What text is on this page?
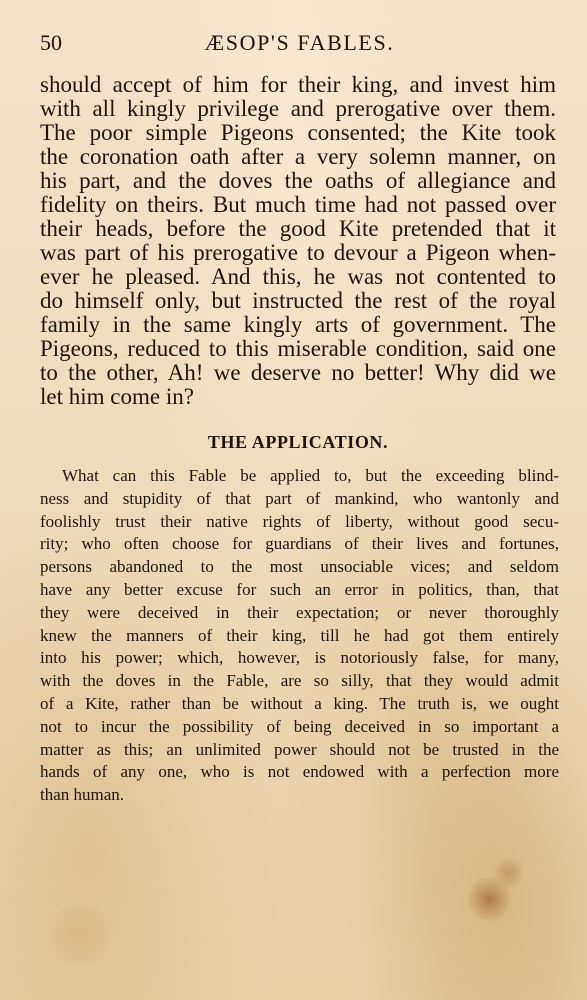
50	ÆSOP'S FABLES.
should accept of him for their king, and invest him
with all kingly privilege and prerogative over them.
The poor simple Pigeons consented; the Kite took
the coronation oath after a very solemn manner, on
his part, and the doves the oaths of allegiance and
fidelity on theirs. But much time had not passed over
their heads, before the good Kite pretended that it
was part of his prerogative to devour a Pigeon when-
ever he pleased. And this, he was not contented to
do himself only, but instructed the rest of the royal
family in the same kingly arts of government. The
Pigeons, reduced to this miserable condition, said one
to the other, Ah! we deserve no better! Why did we
let him come in?
THE APPLICATION.
What can this Fable be applied to, but the exceeding blind-
ness and stupidity of that part of mankind, who wantonly and
foolishly trust their native rights of liberty, without good secu-
rity; who often choose for guardians of their lives and fortunes,
persons abandoned to the most unsociable vices; and seldom
have any better excuse for such an error in politics, than, that
they were deceived in their expectation; or never thoroughly
knew the manners of their king, till he had got them entirely
into his power; which, however, is notoriously false, for many,
with the doves in the Fable, are so silly, that they would admit
of a Kite, rather than be without a king. The truth is, we ought
not to incur the possibility of being deceived in so important a
matter as this; an unlimited power should not be trusted in the
hands of any one, who is not endowed with a perfection more
than human.
